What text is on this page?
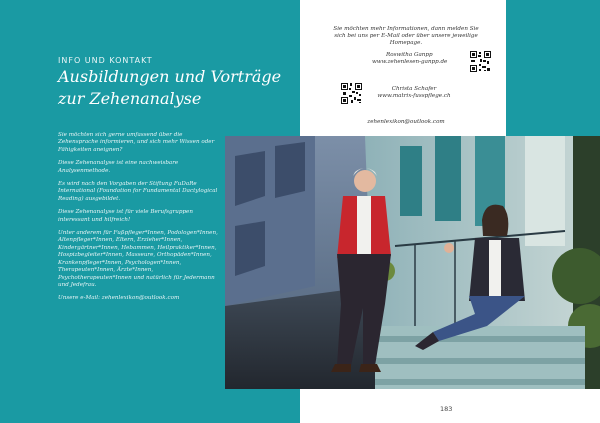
INFO UND KONTAKT
Ausbildungen und Vorträge
zur Zehenanalyse

Sie möchten sich gerne umfassend über die Zehensprache informieren, und sich mehr Wissen oder Fähigkeiten aneignen?

Diese Zehenanalyse ist eine nachweisbare Analysenmethode.

Es wird nach den Vorgaben der Stiftung FuDaRe International (Foundation for Fundamental Dactylogical Reading) ausgebildet.

Diese Zehenanalyse ist für viele Berufsgruppen interessant und hilfreich!

Unter anderem für Fußpfleger*Innen, Podologen*Innen, Altenpfleger*Innen, Eltern, Erzieher*Innen, Kindergärtner*Innen, Hebammen, Heilpraktiker*Innen, Hospizbegleiter*Innen, Masseure, Orthopäden*Innen, Krankenpfleger*Innen, Psychologen*Innen, Therapeuten*Innen, Ärzte*Innen, Psychotherapeuten*Innen und natürlich für Jedermann und Jedefrau.

Unsere e-Mail: zehenlexikon@outlook.com

Sie möchten mehr Informationen, dann melden Sie sich bei uns per E-Mail oder über unsere jeweilige Homepage.
Roswitha Ganpp
www.zehenlesen-ganpp.de
Christa Schafer
www.matrix-fusspflege.ch
zehenlexikon@outlook.com
183
